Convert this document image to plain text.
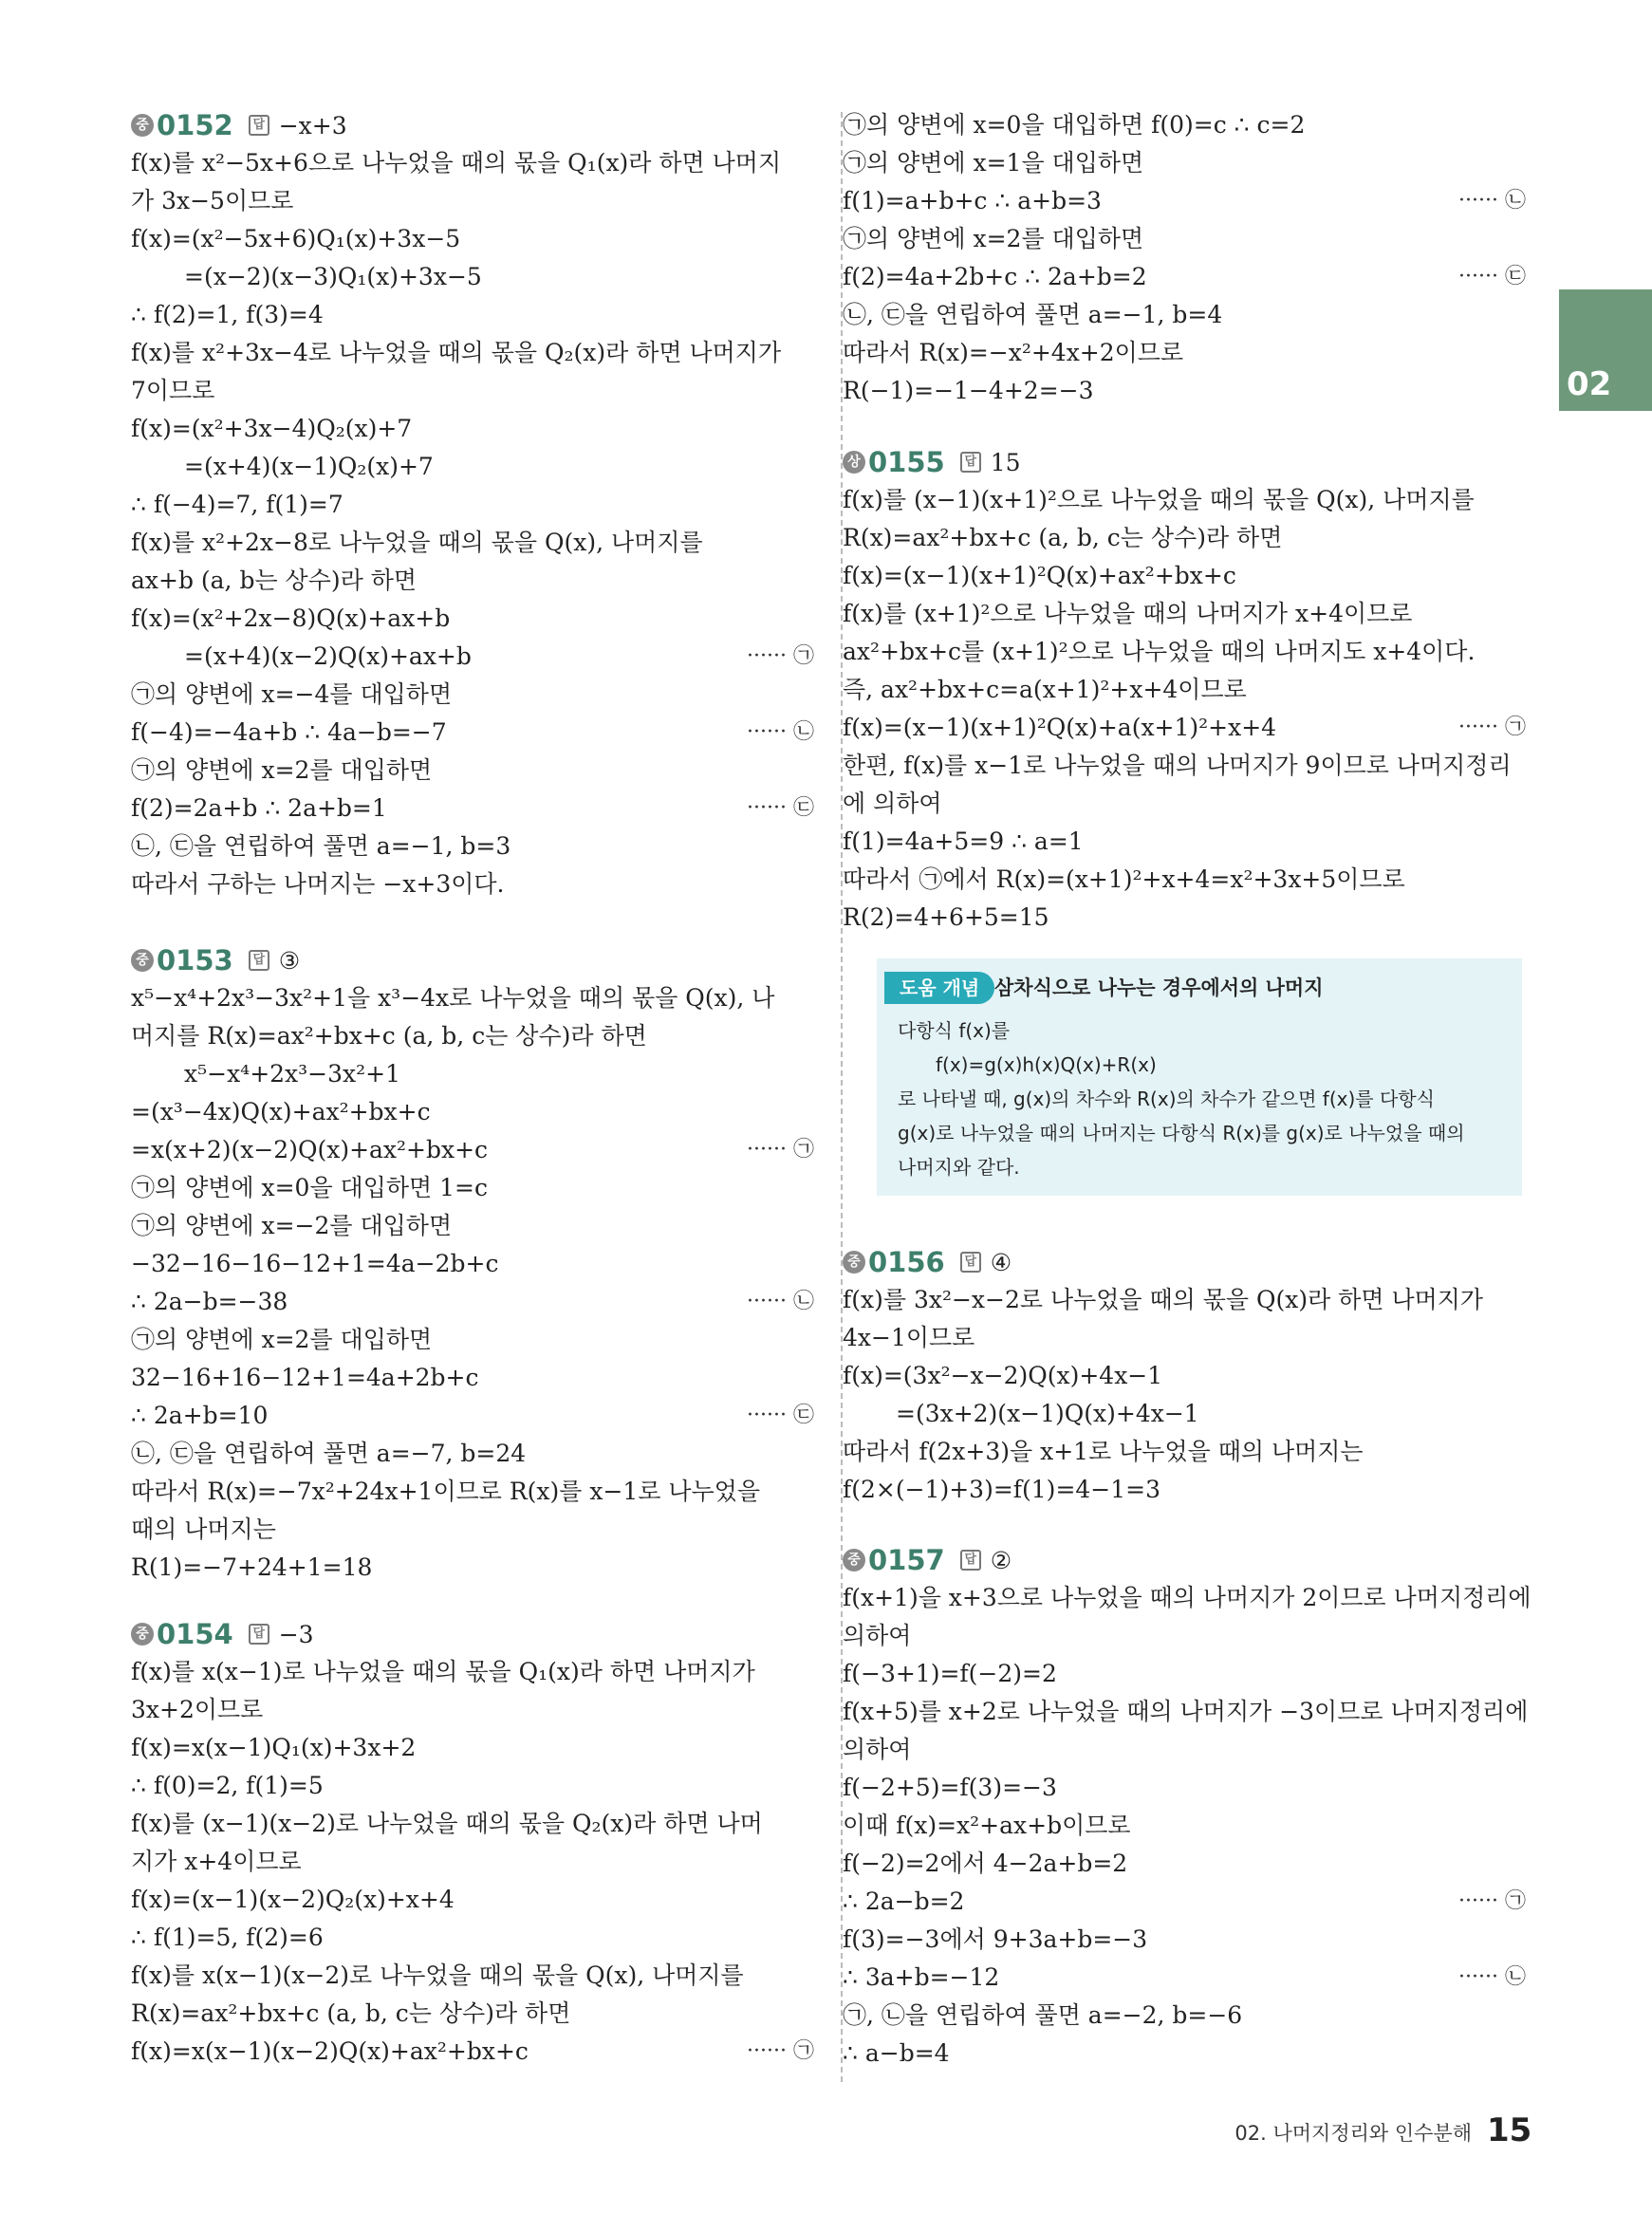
02
중 0152	답 −x+3
f(x)를 x²−5x+6으로 나누었을 때의 몫을 Q₁(x)라 하면 나머지
가 3x−5이므로
f(x)=(x²−5x+6)Q₁(x)+3x−5
=(x−2)(x−3)Q₁(x)+3x−5
∴ f(2)=1, f(3)=4
f(x)를 x²+3x−4로 나누었을 때의 몫을 Q₂(x)라 하면 나머지가
7이므로
f(x)=(x²+3x−4)Q₂(x)+7
=(x+4)(x−1)Q₂(x)+7
∴ f(−4)=7, f(1)=7
f(x)를 x²+2x−8로 나누었을 때의 몫을 Q(x), 나머지를
ax+b (a, b는 상수)라 하면
f(x)=(x²+2x−8)Q(x)+ax+b
=(x+4)(x−2)Q(x)+ax+b	······ ㉠
㉠의 양변에 x=−4를 대입하면
f(−4)=−4a+b ∴ 4a−b=−7	······ ㉡
㉠의 양변에 x=2를 대입하면
f(2)=2a+b ∴ 2a+b=1	······ ㉢
㉡, ㉢을 연립하여 풀면 a=−1, b=3
따라서 구하는 나머지는 −x+3이다.
중 0153	답 ③
x⁵−x⁴+2x³−3x²+1을 x³−4x로 나누었을 때의 몫을 Q(x), 나
머지를 R(x)=ax²+bx+c (a, b, c는 상수)라 하면
x⁵−x⁴+2x³−3x²+1
=(x³−4x)Q(x)+ax²+bx+c
=x(x+2)(x−2)Q(x)+ax²+bx+c	······ ㉠
㉠의 양변에 x=0을 대입하면 1=c
㉠의 양변에 x=−2를 대입하면
−32−16−16−12+1=4a−2b+c
∴ 2a−b=−38	······ ㉡
㉠의 양변에 x=2를 대입하면
32−16+16−12+1=4a+2b+c
∴ 2a+b=10	······ ㉢
㉡, ㉢을 연립하여 풀면 a=−7, b=24
따라서 R(x)=−7x²+24x+1이므로 R(x)를 x−1로 나누었을
때의 나머지는
R(1)=−7+24+1=18
중 0154	답 −3
f(x)를 x(x−1)로 나누었을 때의 몫을 Q₁(x)라 하면 나머지가
3x+2이므로
f(x)=x(x−1)Q₁(x)+3x+2
∴ f(0)=2, f(1)=5
f(x)를 (x−1)(x−2)로 나누었을 때의 몫을 Q₂(x)라 하면 나머
지가 x+4이므로
f(x)=(x−1)(x−2)Q₂(x)+x+4
∴ f(1)=5, f(2)=6
f(x)를 x(x−1)(x−2)로 나누었을 때의 몫을 Q(x), 나머지를
R(x)=ax²+bx+c (a, b, c는 상수)라 하면
f(x)=x(x−1)(x−2)Q(x)+ax²+bx+c	······ ㉠
㉠의 양변에 x=0을 대입하면 f(0)=c ∴ c=2
㉠의 양변에 x=1을 대입하면
f(1)=a+b+c ∴ a+b=3	······ ㉡
㉠의 양변에 x=2를 대입하면
f(2)=4a+2b+c ∴ 2a+b=2	······ ㉢
㉡, ㉢을 연립하여 풀면 a=−1, b=4
따라서 R(x)=−x²+4x+2이므로
R(−1)=−1−4+2=−3
상 0155	답 15
f(x)를 (x−1)(x+1)²으로 나누었을 때의 몫을 Q(x), 나머지를
R(x)=ax²+bx+c (a, b, c는 상수)라 하면
f(x)=(x−1)(x+1)²Q(x)+ax²+bx+c
f(x)를 (x+1)²으로 나누었을 때의 나머지가 x+4이므로
ax²+bx+c를 (x+1)²으로 나누었을 때의 나머지도 x+4이다.
즉, ax²+bx+c=a(x+1)²+x+4이므로
f(x)=(x−1)(x+1)²Q(x)+a(x+1)²+x+4	······ ㉠
한편, f(x)를 x−1로 나누었을 때의 나머지가 9이므로 나머지정리
에 의하여
f(1)=4a+5=9 ∴ a=1
따라서 ㉠에서 R(x)=(x+1)²+x+4=x²+3x+5이므로
R(2)=4+6+5=15
중 0156	답 ④
f(x)를 3x²−x−2로 나누었을 때의 몫을 Q(x)라 하면 나머지가
4x−1이므로
f(x)=(3x²−x−2)Q(x)+4x−1
=(3x+2)(x−1)Q(x)+4x−1
따라서 f(2x+3)을 x+1로 나누었을 때의 나머지는
f(2×(−1)+3)=f(1)=4−1=3
중 0157	답 ②
f(x+1)을 x+3으로 나누었을 때의 나머지가 2이므로 나머지정리에
의하여
f(−3+1)=f(−2)=2
f(x+5)를 x+2로 나누었을 때의 나머지가 −3이므로 나머지정리에
의하여
f(−2+5)=f(3)=−3
이때 f(x)=x²+ax+b이므로
f(−2)=2에서 4−2a+b=2
∴ 2a−b=2	······ ㉠
f(3)=−3에서 9+3a+b=−3
∴ 3a+b=−12	······ ㉡
㉠, ㉡을 연립하여 풀면 a=−2, b=−6
∴ a−b=4
도움 개념 삼차식으로 나누는 경우에서의 나머지
다항식 f(x)를
f(x)=g(x)h(x)Q(x)+R(x)
로 나타낼 때, g(x)의 차수와 R(x)의 차수가 같으면 f(x)를 다항식
g(x)로 나누었을 때의 나머지는 다항식 R(x)를 g(x)로 나누었을 때의
나머지와 같다.
02. 나머지정리와 인수분해 15
